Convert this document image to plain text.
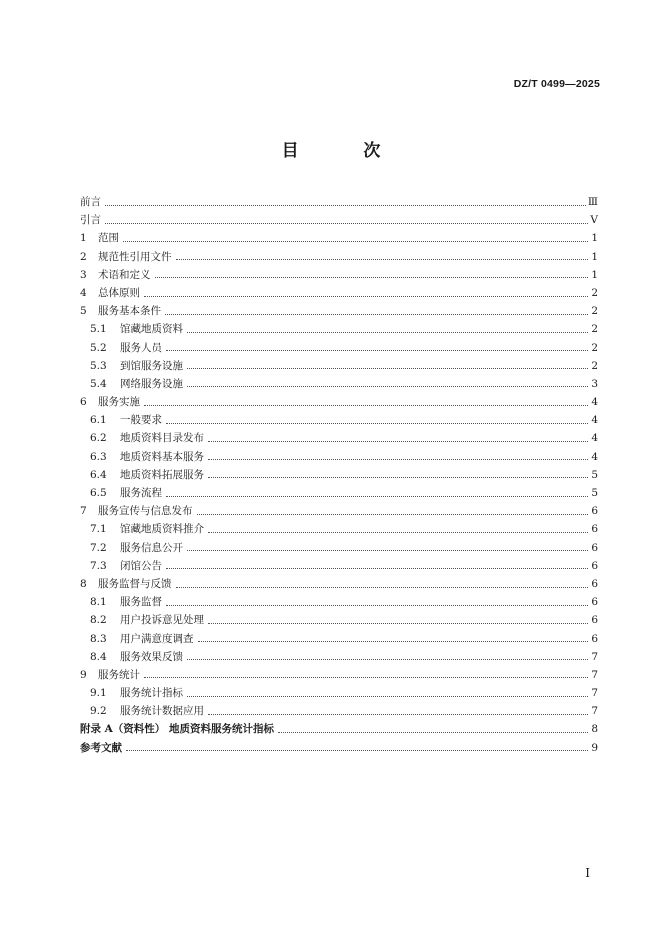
DZ/T 0499—2025
目 次
前言	Ⅲ
引言	Ⅴ
1	范围	1
2	规范性引用文件	1
3	术语和定义	1
4	总体原则	2
5	服务基本条件	2
5.1	馆藏地质资料	2
5.2	服务人员	2
5.3	到馆服务设施	2
5.4	网络服务设施	3
6	服务实施	4
6.1	一般要求	4
6.2	地质资料目录发布	4
6.3	地质资料基本服务	4
6.4	地质资料拓展服务	5
6.5	服务流程	5
7	服务宣传与信息发布	6
7.1	馆藏地质资料推介	6
7.2	服务信息公开	6
7.3	闭馆公告	6
8	服务监督与反馈	6
8.1	服务监督	6
8.2	用户投诉意见处理	6
8.3	用户满意度调查	6
8.4	服务效果反馈	7
9	服务统计	7
9.1	服务统计指标	7
9.2	服务统计数据应用	7
附录 A（资料性） 地质资料服务统计指标	8
参考文献	9
Ⅰ
